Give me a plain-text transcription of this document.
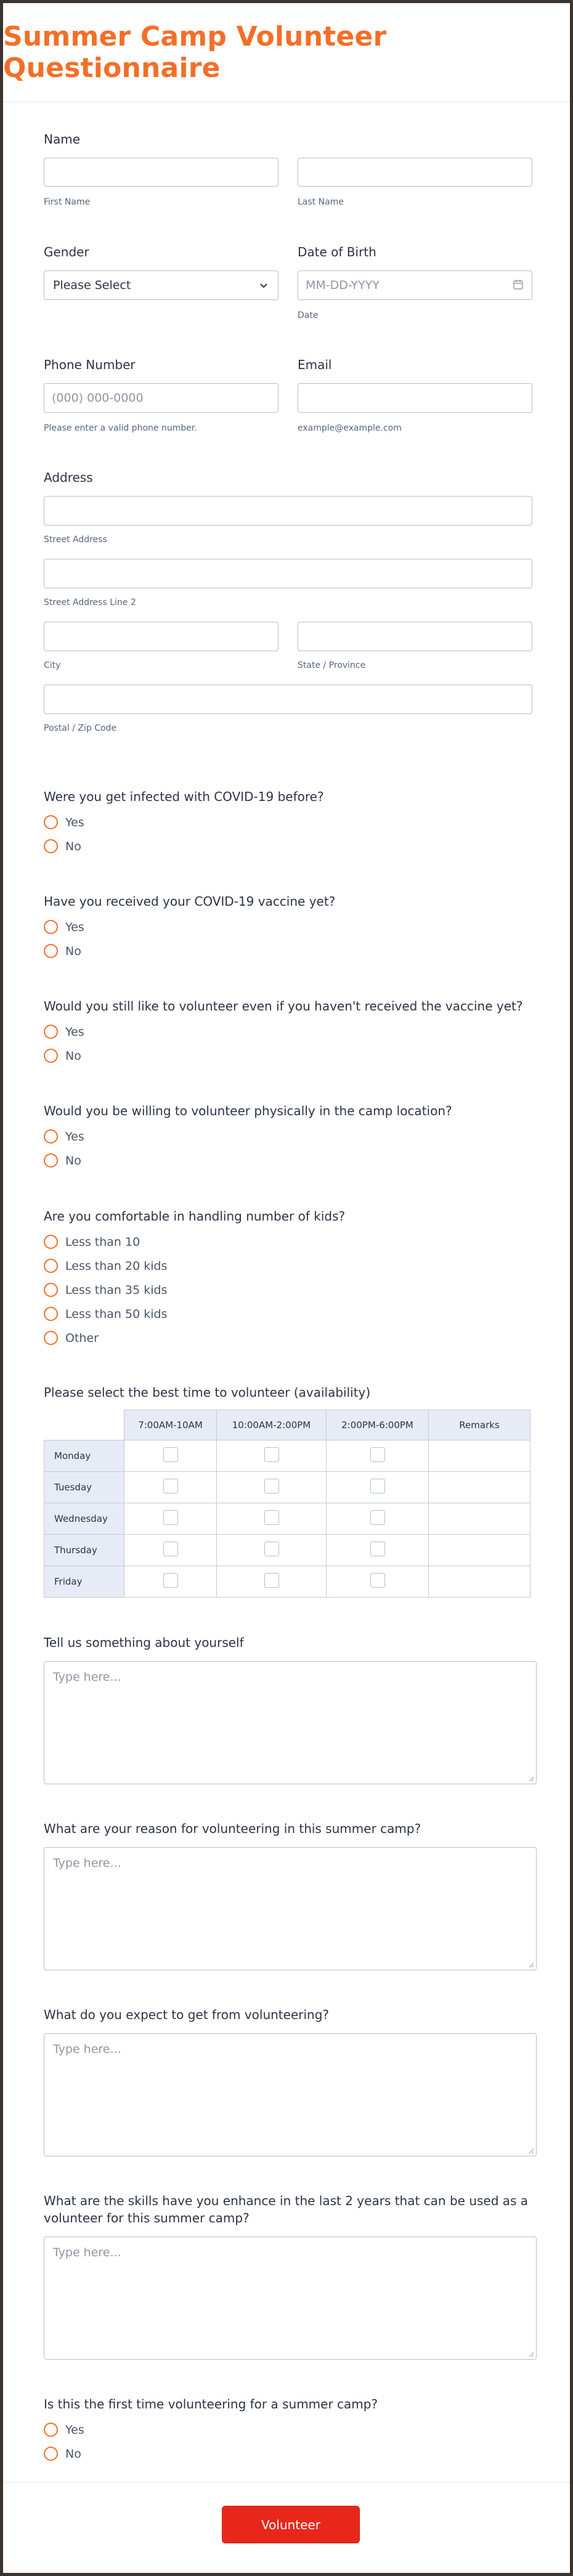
Summer Camp Volunteer Questionnaire
Name
First Name	Last Name
Gender
Please Select
Date of Birth
MM-DD-YYYY
Date
Phone Number
(000) 000-0000
Please enter a valid phone number.
Email
example@example.com
Address
Street Address
Street Address Line 2
City	State / Province
Postal / Zip Code
Were you get infected with COVID-19 before?
Yes
No
Have you received your COVID-19 vaccine yet?
Yes
No
Would you still like to volunteer even if you haven't received the vaccine yet?
Yes
No
Would you be willing to volunteer physically in the camp location?
Yes
No
Are you comfortable in handling number of kids?
Less than 10
Less than 20 kids
Less than 35 kids
Less than 50 kids
Other
Please select the best time to volunteer (availability)
	7:00AM-10AM	10:00AM-2:00PM	2:00PM-6:00PM	Remarks
Monday				
Tuesday				
Wednesday				
Thursday				
Friday				
Tell us something about yourself
Type here...
What are your reason for volunteering in this summer camp?
Type here...
What do you expect to get from volunteering?
Type here...
What are the skills have you enhance in the last 2 years that can be used as a volunteer for this summer camp?
Type here...
Is this the first time volunteering for a summer camp?
Yes
No
Volunteer
